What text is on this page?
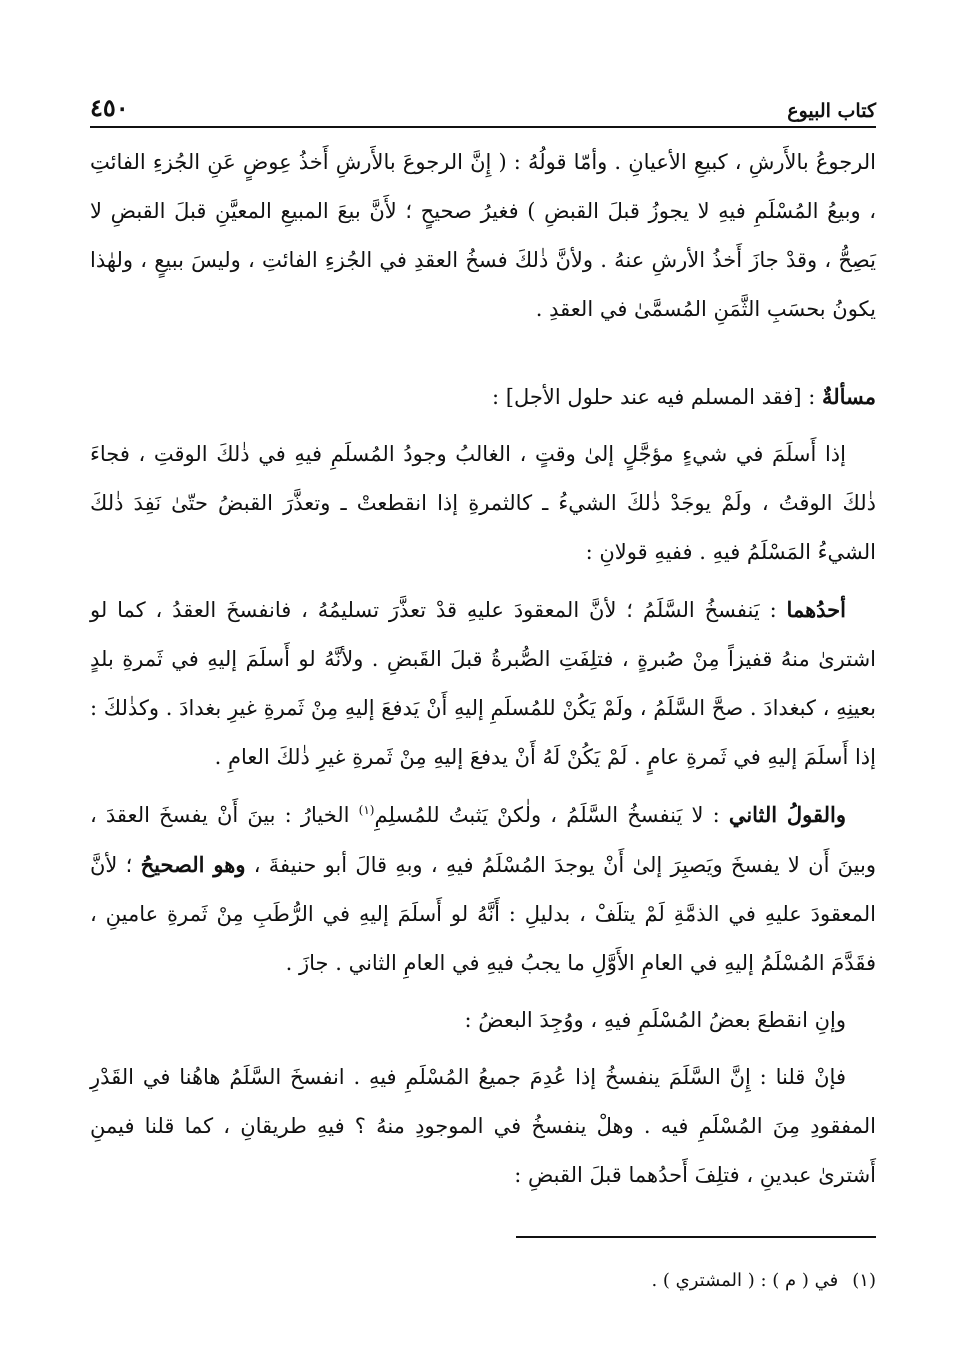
كتاب البيوع
٤٥٠

الرجوعُ بالأَرشِ ، كبيعِ الأعيانِ . وأمّا قولُهُ : ( إِنَّ الرجوعَ بالأَرشِ أَخذُ عِوضٍ عَنِ الجُزءِ الفائتِ ، وبيعُ المُسْلَمِ فيهِ لا يجوزُ قبلَ القبضِ ) فغيرُ صحيحٍ ؛ لأَنَّ بيعَ المبيعِ المعيَّنِ قبلَ القبضِ لا يَصِحُّ ، وقدْ جازَ أَخذُ الأرشِ عنهُ . ولأنَّ ذٰلكَ فسخُ العقدِ في الجُزءِ الفائتِ ، وليسَ ببيعٍ ، ولهٰذا يكونُ بحسَبِ الثَّمَنِ المُسمَّىٰ في العقدِ .

مسألةٌ : [فقد المسلم فيه عند حلول الأجل] :

إذا أَسلَمَ في شيءٍ مؤجَّلٍ إلىٰ وقتٍ ، الغالبُ وجودُ المُسلَمِ فيهِ في ذٰلكَ الوقتِ ، فجاءَ ذٰلكَ الوقتُ ، ولَمْ يوجَدْ ذٰلكَ الشيءُ ـ كالثمرةِ إذا انقطعتْ ـ وتعذَّرَ القبضُ حتّىٰ نَفِدَ ذٰلكَ الشيءُ المَسْلَمُ فيهِ . ففيهِ قولانِ :

أحدُهما : يَنفسخُ السَّلَمُ ؛ لأنَّ المعقودَ عليهِ قدْ تعذَّرَ تسليمُهُ ، فانفسخَ العقدُ ، كما لو اشترىٰ منهُ قفيزاً مِنْ صُبرةٍ ، فتلِفَتِ الصُّبرةُ قبلَ القَبضِ . ولأنَّهُ لو أَسلَمَ إليهِ في ثَمرةِ بلدٍ بعينِهِ ، كبغدادَ . صحَّ السَّلَمُ ، ولَمْ يَكُنْ للمُسلَمِ إليهِ أَنْ يَدفعَ إليهِ مِنْ ثَمرةِ غيرِ بغدادَ . وكذٰلكَ : إذا أَسلَمَ إليهِ في ثَمرةِ عامٍ . لَمْ يَكُنْ لَهُ أَنْ يدفعَ إليهِ مِنْ ثَمرةِ غيرِ ذٰلكَ العامِ .

والقولُ الثاني : لا يَنفسخُ السَّلَمُ ، ولٰكنْ يَثبتُ للمُسلِمِ$^{(١)}$ الخيارُ : بينَ أَنْ يفسخَ العقدَ ، وبينَ أَن لا يفسخَ ويَصبِرَ إلىٰ أَنْ يوجدَ المُسْلَمُ فيهِ ، وبهِ قالَ أبو حنيفةَ ، وهو الصحيحُ ؛ لأنَّ المعقودَ عليهِ في الذمَّةِ لَمْ يتلَفْ ، بدليلِ : أَنَّهُ لو أَسلَمَ إليهِ في الرُّطَبِ مِنْ ثَمرةِ عامينِ ، فقَدَّمَ المُسْلَمُ إليهِ في العامِ الأَوَّلِ ما يجبُ فيهِ في العامِ الثاني . جازَ .

وإنِ انقطعَ بعضُ المُسْلَمِ فيهِ ، ووُجِدَ البعضُ :

فإنْ قلنا : إِنَّ السَّلَمَ ينفسخُ إذا عُدِمَ جميعُ المُسْلَمِ فيهِ . انفسخَ السَّلَمُ هاهُنا في القَدْرِ المفقودِ مِنَ المُسْلَمِ فيه . وهلْ ينفسخُ في الموجودِ منهُ ؟ فيهِ طريقانِ ، كما قلنا فيمنِ أَشترىٰ عبدينِ ، فتلِفَ أَحدُهما قبلَ القبضِ :

(١)في ( م ) : ( المشتري ) .
